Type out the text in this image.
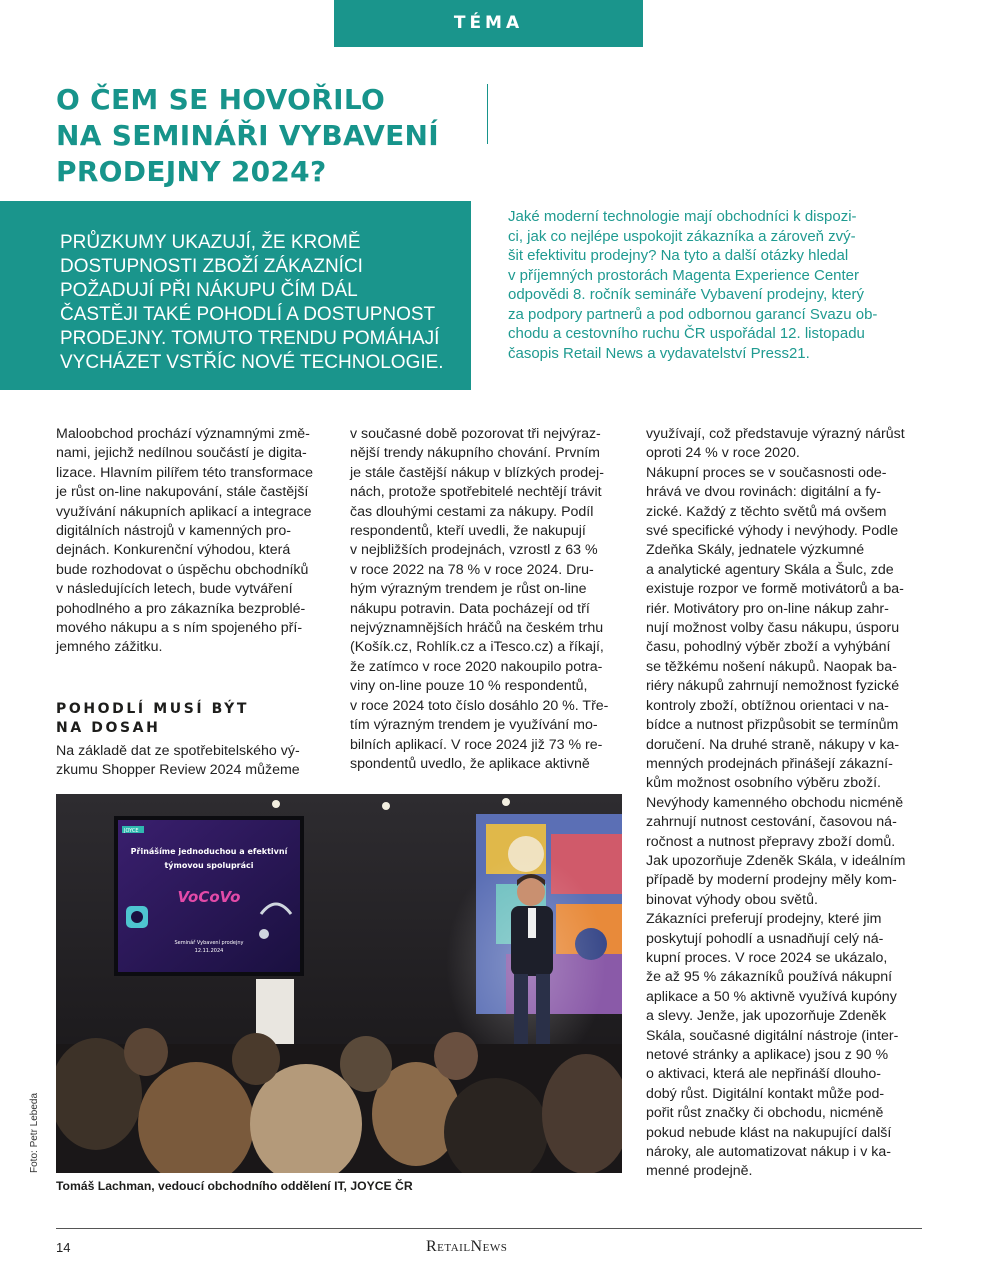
TÉMA
O ČEM SE HOVOŘILO
NA SEMINÁŘI VYBAVENÍ
PRODEJNY 2024?

PRŮZKUMY UKAZUJÍ, ŽE KROMĚ
DOSTUPNOSTI ZBOŽÍ ZÁKAZNÍCI
POŽADUJÍ PŘI NÁKUPU ČÍM DÁL
ČASTĚJI TAKÉ POHODLÍ A DOSTUPNOST
PRODEJNY. TOMUTO TRENDU POMÁHAJÍ
VYCHÁZET VSTŘÍC NOVÉ TECHNOLOGIE.

Jaké moderní technologie mají obchodníci k dispozi-
ci, jak co nejlépe uspokojit zákazníka a zároveň zvý-
šit efektivitu prodejny? Na tyto a další otázky hledal
v příjemných prostorách Magenta Experience Center
odpovědi 8. ročník semináře Vybavení prodejny, který
za podpory partnerů a pod odbornou garancí Svazu ob-
chodu a cestovního ruchu ČR uspořádal 12. listopadu
časopis Retail News a vydavatelství Press21.
Maloobchod prochází významnými změ-
nami, jejichž nedílnou součástí je digita-
lizace. Hlavním pilířem této transformace
je růst on-line nakupování, stále častější
využívání nákupních aplikací a integrace
digitálních nástrojů v kamenných pro-
dejnách. Konkurenční výhodou, která
bude rozhodovat o úspěchu obchodníků
v následujících letech, bude vytváření
pohodlného a pro zákazníka bezproblé-
mového nákupu a s ním spojeného pří-
jemného zážitku.
POHODLÍ MUSÍ BÝT
NA DOSAH
Na základě dat ze spotřebitelského vý-
zkumu Shopper Review 2024 můžeme
v současné době pozorovat tři nejvýraz-
nější trendy nákupního chování. Prvním
je stále častější nákup v blízkých prodej-
nách, protože spotřebitelé nechtějí trávit
čas dlouhými cestami za nákupy. Podíl
respondentů, kteří uvedli, že nakupují
v nejbližších prodejnách, vzrostl z 63 %
v roce 2022 na 78 % v roce 2024. Dru-
hým výrazným trendem je růst on-line
nákupu potravin. Data pocházejí od tří
nejvýznamnějších hráčů na českém trhu
(Košík.cz, Rohlík.cz a iTesco.cz) a říkají,
že zatímco v roce 2020 nakoupilo potra-
viny on-line pouze 10 % respondentů,
v roce 2024 toto číslo dosáhlo 20 %. Tře-
tím výrazným trendem je využívání mo-
bilních aplikací. V roce 2024 již 73 % re-
spondentů uvedlo, že aplikace aktivně
využívají, což představuje výrazný nárůst
oproti 24 % v roce 2020.
Nákupní proces se v současnosti ode-
hrává ve dvou rovinách: digitální a fy-
zické. Každý z těchto světů má ovšem
své specifické výhody i nevýhody. Podle
Zdeňka Skály, jednatele výzkumné
a analytické agentury Skála a Šulc, zde
existuje rozpor ve formě motivátorů a ba-
riér. Motivátory pro on-line nákup zahr-
nují možnost volby času nákupu, úsporu
času, pohodlný výběr zboží a vyhýbání
se těžkému nošení nákupů. Naopak ba-
riéry nákupů zahrnují nemožnost fyzické
kontroly zboží, obtížnou orientaci v na-
bídce a nutnost přizpůsobit se termínům
doručení. Na druhé straně, nákupy v ka-
menných prodejnách přinášejí zákazní-
kům možnost osobního výběru zboží.
Nevýhody kamenného obchodu nicméně
zahrnují nutnost cestování, časovou ná-
ročnost a nutnost přepravy zboží domů.
Jak upozorňuje Zdeněk Skála, v ideálním
případě by moderní prodejny měly kom-
binovat výhody obou světů.
Zákazníci preferují prodejny, které jim
poskytují pohodlí a usnadňují celý ná-
kupní proces. V roce 2024 se ukázalo,
že až 95 % zákazníků používá nákupní
aplikace a 50 % aktivně využívá kupóny
a slevy. Jenže, jak upozorňuje Zdeněk
Skála, současné digitální nástroje (inter-
netové stránky a aplikace) jsou z 90 %
o aktivaci, která ale nepřináší dlouho-
dobý růst. Digitální kontakt může pod-
pořit růst značky či obchodu, nicméně
pokud nebude klást na nakupující další
nároky, ale automatizovat nákup i v ka-
menné prodejně.
JOYCE
Přinášíme jednoduchou a efektivní
týmovou spolupráci
VoCoVo
Seminář Vybavení prodejny
12.11.2024
Foto: Petr Lebeda
Tomáš Lachman, vedoucí obchodního oddělení IT, JOYCE ČR
14	RetailNews
